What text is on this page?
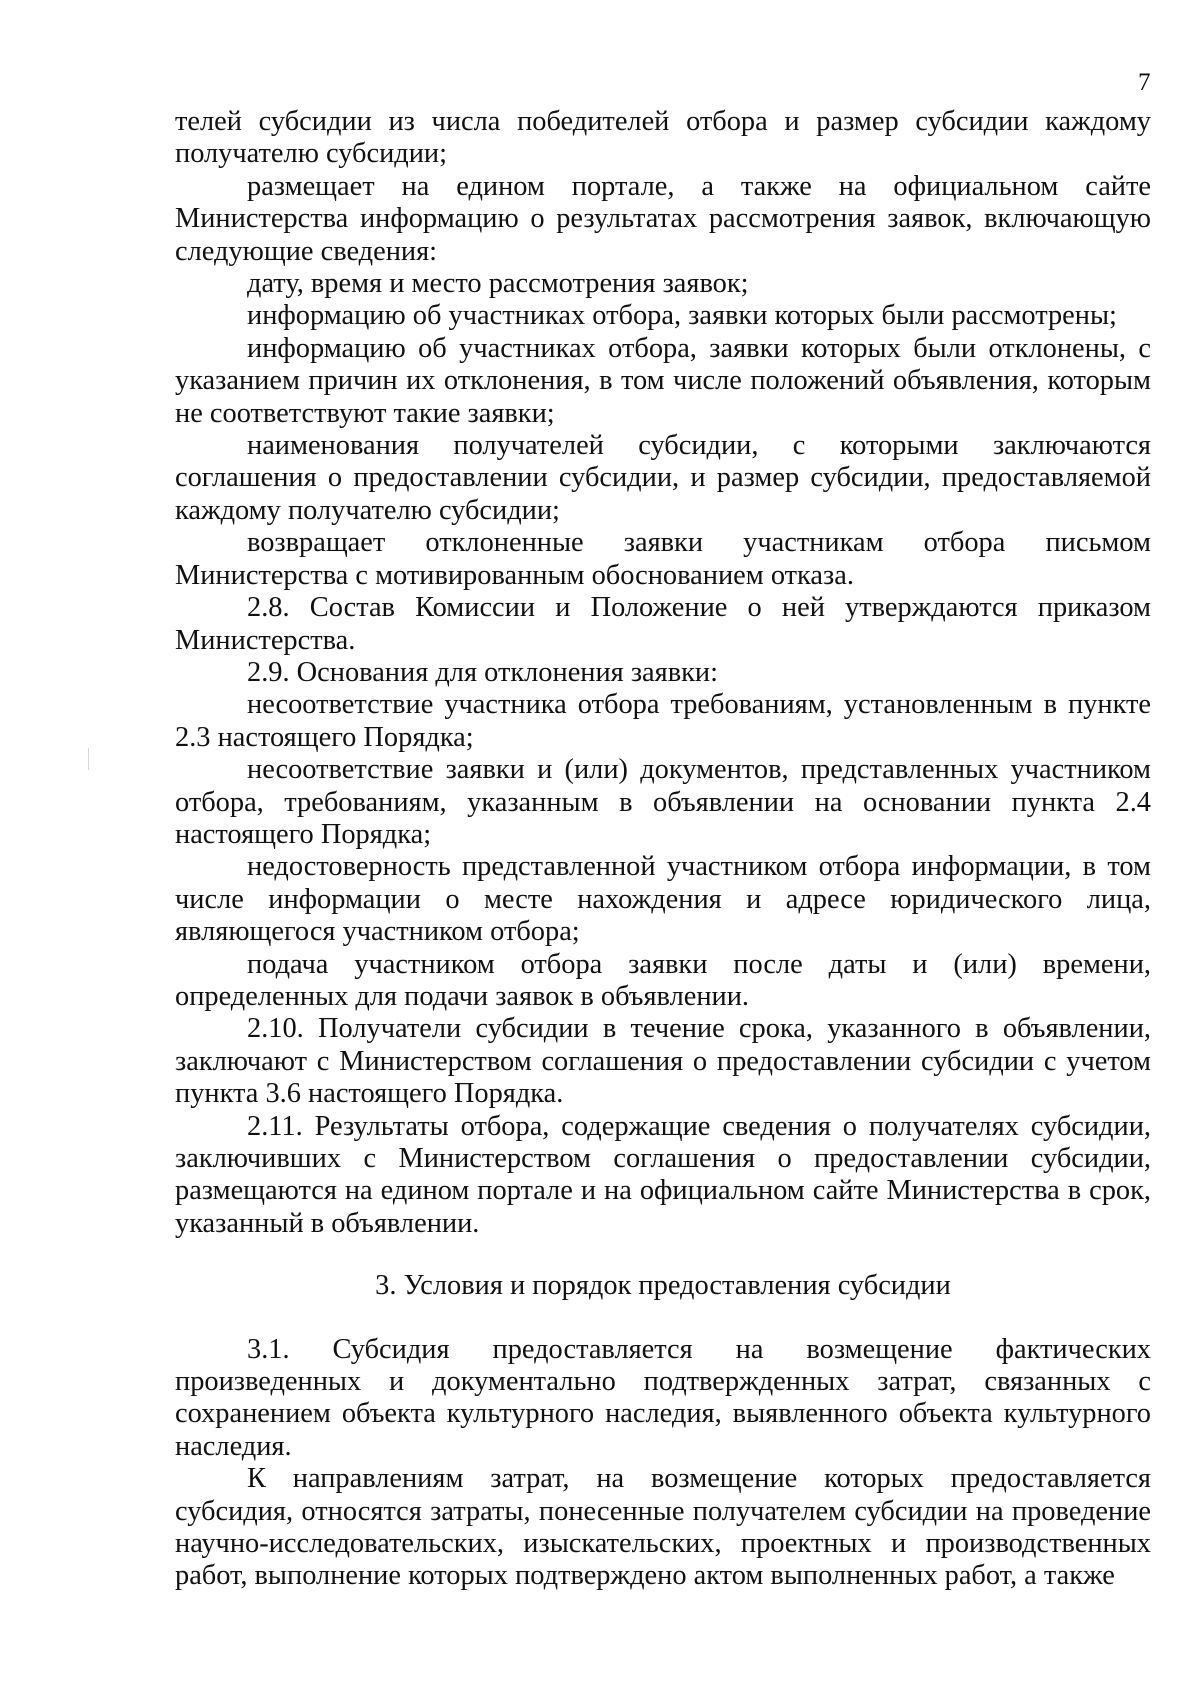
7

телей субсидии из числа победителей отбора и размер субсидии каждому получателю субсидии;

размещает на едином портале, а также на официальном сайте Министерства информацию о результатах рассмотрения заявок, включающую следующие сведения:

дату, время и место рассмотрения заявок;

информацию об участниках отбора, заявки которых были рассмотрены;

информацию об участниках отбора, заявки которых были отклонены, с указанием причин их отклонения, в том числе положений объявления, которым не соответствуют такие заявки;

наименования получателей субсидии, с которыми заключаются соглашения о предоставлении субсидии, и размер субсидии, предоставляемой каждому получателю субсидии;

возвращает отклоненные заявки участникам отбора письмом Министерства с мотивированным обоснованием отказа.

2.8. Состав Комиссии и Положение о ней утверждаются приказом Министерства.

2.9. Основания для отклонения заявки:

несоответствие участника отбора требованиям, установленным в пункте 2.3 настоящего Порядка;

несоответствие заявки и (или) документов, представленных участником отбора, требованиям, указанным в объявлении на основании пункта 2.4 настоящего Порядка;

недостоверность представленной участником отбора информации, в том числе информации о месте нахождения и адресе юридического лица, являющегося участником отбора;

подача участником отбора заявки после даты и (или) времени, определенных для подачи заявок в объявлении.

2.10. Получатели субсидии в течение срока, указанного в объявлении, заключают с Министерством соглашения о предоставлении субсидии с учетом пункта 3.6 настоящего Порядка.

2.11. Результаты отбора, содержащие сведения о получателях субсидии, заключивших с Министерством соглашения о предоставлении субсидии, размещаются на едином портале и на официальном сайте Министерства в срок, указанный в объявлении.

3. Условия и порядок предоставления субсидии

3.1. Субсидия предоставляется на возмещение фактических произведенных и документально подтвержденных затрат, связанных с сохранением объекта культурного наследия, выявленного объекта культурного наследия.

К направлениям затрат, на возмещение которых предоставляется субсидия, относятся затраты, понесенные получателем субсидии на проведение научно-исследовательских, изыскательских, проектных и производственных работ, выполнение которых подтверждено актом выполненных работ, а также
